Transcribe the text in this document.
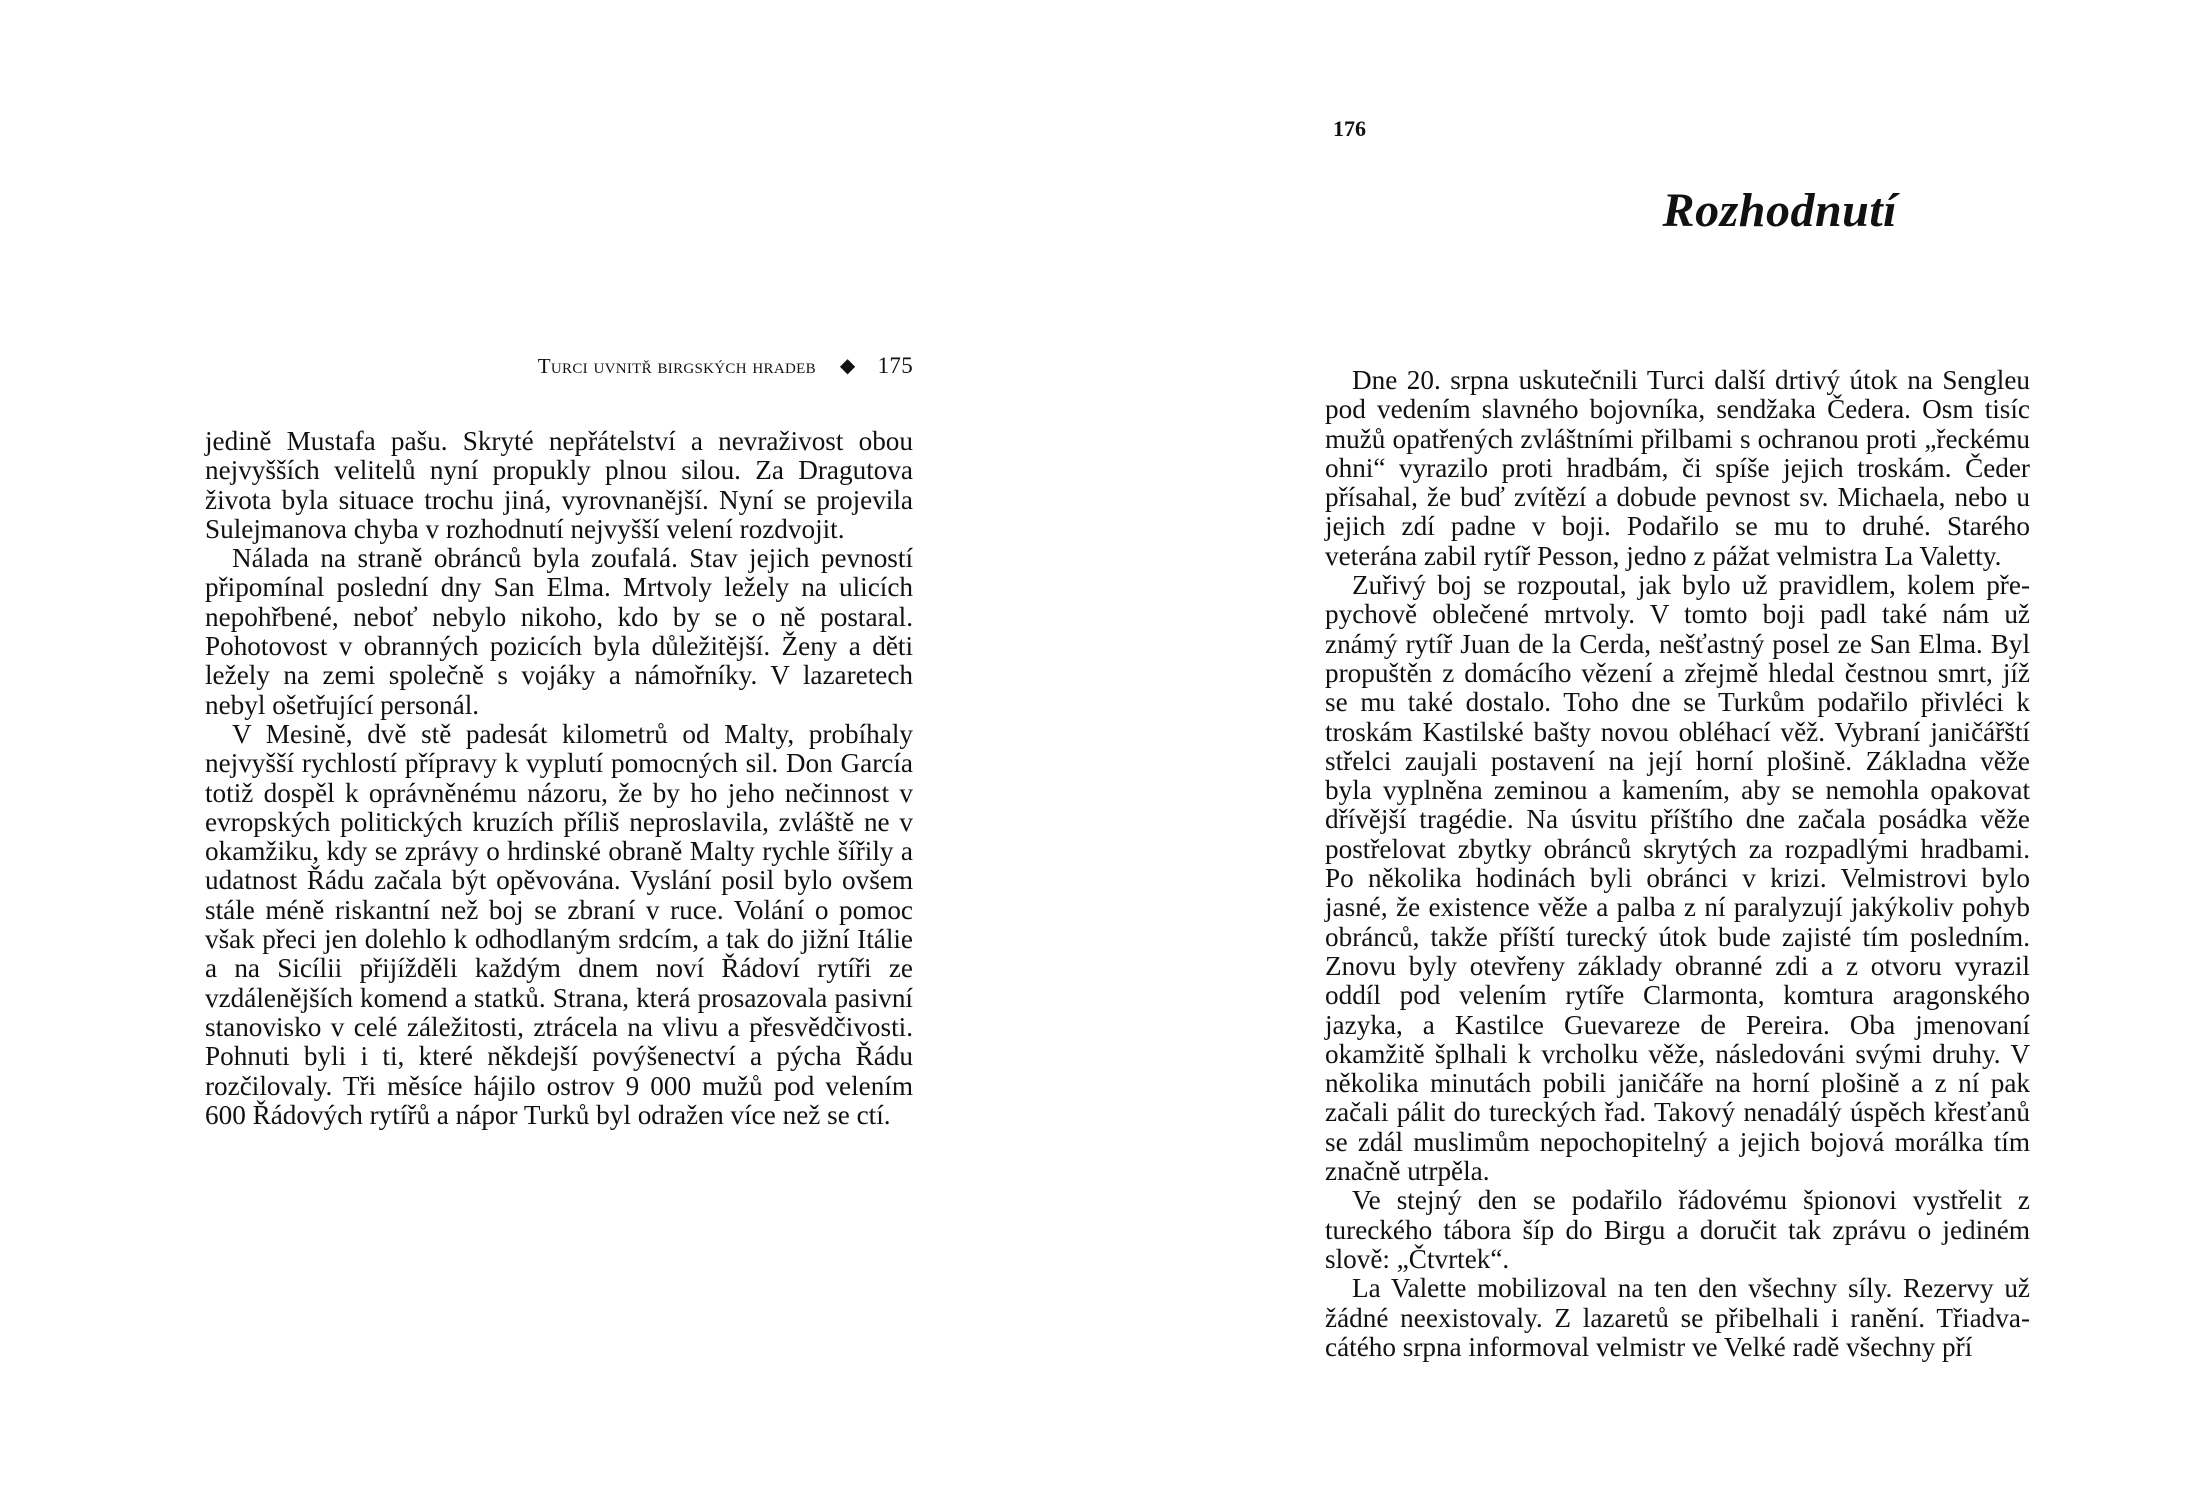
Turci uvnitř birgských hradeb ◆ 175

jedině Mustafa pašu. Skryté nepřátelství a nevraživost obou nejvyšších velitelů nyní propukly plnou silou. Za Dragutova života byla situace trochu jiná, vyrovnanější. Nyní se projevila Sulejmanova chyba v rozhodnutí nejvyšší velení rozdvojit.

Nálada na straně obránců byla zoufalá. Stav jejich pevností připomínal poslední dny San Elma. Mrtvoly ležely na ulicích nepohřbené, neboť nebylo nikoho, kdo by se o ně postaral. Pohotovost v obranných pozicích byla důležitější. Ženy a děti ležely na zemi společně s vojáky a námořníky. V lazaretech nebyl ošetřující personál.

V Mesině, dvě stě padesát kilometrů od Malty, probíhaly nejvyšší rychlostí přípravy k vyplutí pomocných sil. Don García totiž dospěl k oprávněnému názoru, že by ho jeho nečinnost v evropských politických kruzích příliš neproslavila, zvláště ne v okamžiku, kdy se zprávy o hrdinské obraně Malty rychle šířily a udatnost Řádu začala být opěvována. Vyslání posil bylo ovšem stále méně riskantní než boj se zbraní v ruce. Volání o pomoc však přeci jen dolehlo k odhodlaným srdcím, a tak do jižní Itálie a na Sicílii přijížděli každým dnem noví Řádoví rytíři ze vzdálenějších komend a statků. Strana, která prosazovala pasivní stanovisko v celé záležitosti, ztrácela na vlivu a přesvědčivosti. Pohnuti byli i ti, které někdejší povýšenectví a pýcha Řádu rozčilovaly. Tři měsíce hájilo ostrov 9 000 mužů pod velením 600 Řádových rytířů a nápor Turků byl odražen více než se ctí.

176
Rozhodnutí

Dne 20. srpna uskutečnili Turci další drtivý útok na Sengleu pod vedením slavného bojovníka, sendžaka Čedera. Osm tisíc mužů opatřených zvláštními přilbami s ochranou proti „řeckému ohni“ vyrazilo proti hradbám, či spíše jejich troskám. Čeder přísahal, že buď zvítězí a dobude pevnost sv. Michaela, nebo u jejich zdí padne v boji. Podařilo se mu to druhé. Starého veterána zabil rytíř Pesson, jedno z pážat velmistra La Valetty.

Zuřivý boj se rozpoutal, jak bylo už pravidlem, kolem přepychově oblečené mrtvoly. V tomto boji padl také nám už známý rytíř Juan de la Cerda, nešťastný posel ze San Elma. Byl propuštěn z domácího vězení a zřejmě hledal čestnou smrt, jíž se mu také dostalo. Toho dne se Turkům podařilo přivléci k troskám Kastilské bašty novou obléhací věž. Vybraní janičářští střelci zaujali postavení na její horní plošině. Základna věže byla vyplněna zeminou a kamením, aby se nemohla opakovat dřívější tragédie. Na úsvitu příštího dne začala posádka věže postřelovat zbytky obránců skrytých za rozpadlými hradbami. Po několika hodinách byli obránci v krizi. Velmistrovi bylo jasné, že existence věže a palba z ní paralyzují jakýkoliv pohyb obránců, takže příští turecký útok bude zajisté tím posledním. Znovu byly otevřeny základy obranné zdi a z otvoru vyrazil oddíl pod velením rytíře Clarmonta, komtura aragonského jazyka, a Kastilce Guevareze de Pereira. Oba jmenovaní okamžitě šplhali k vrcholku věže, následováni svými druhy. V několika minutách pobili janičáře na horní plošině a z ní pak začali pálit do tureckých řad. Takový nenadálý úspěch křesťanů se zdál muslimům nepochopitelný a jejich bojová morálka tím značně utrpěla.

Ve stejný den se podařilo řádovému špionovi vystřelit z tureckého tábora šíp do Birgu a doručit tak zprávu o jediném slově: „Čtvrtek“.

La Valette mobilizoval na ten den všechny síly. Rezervy už žádné neexistovaly. Z lazaretů se přibelhali i ranění. Třiadvacátého srpna informoval velmistr ve Velké radě všechny pří
